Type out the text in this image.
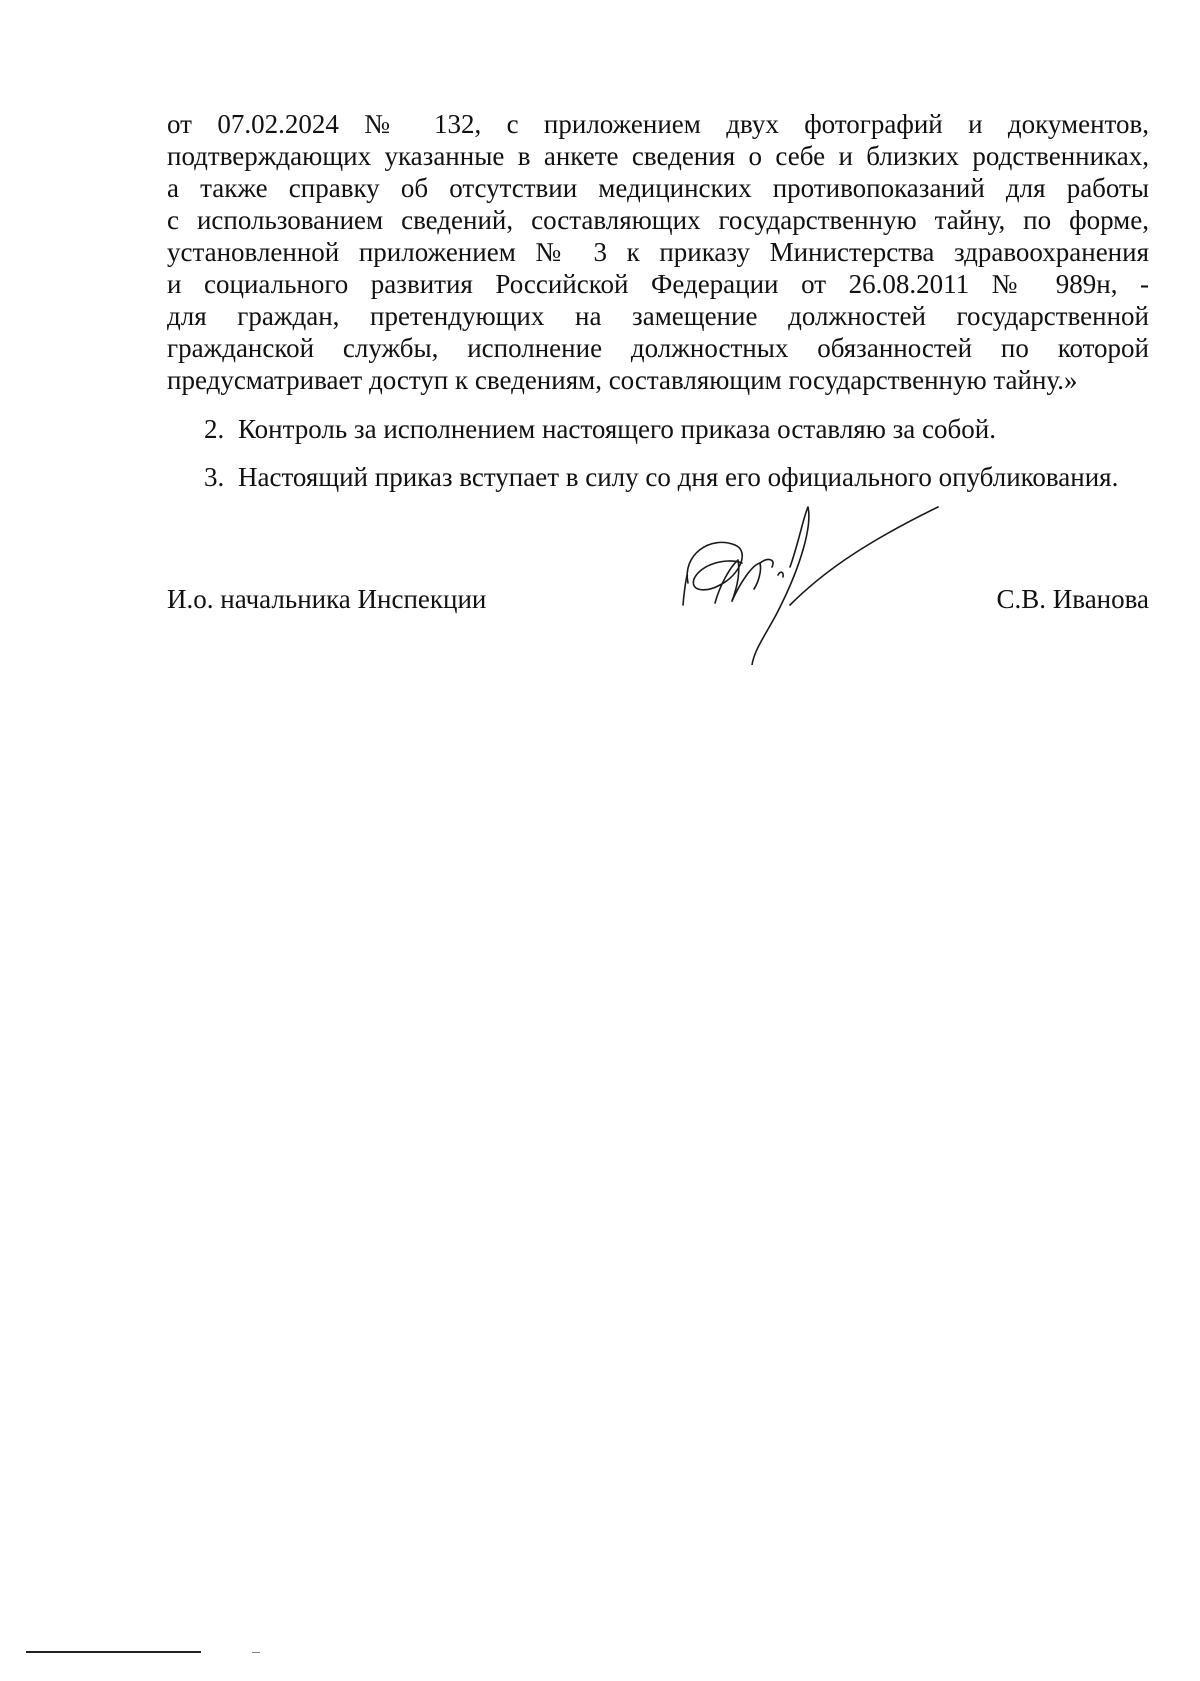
от 07.02.2024 № 132, с приложением двух фотографий и документов,
подтверждающих указанные в анкете сведения о себе и близких родственниках,
а также справку об отсутствии медицинских противопоказаний для работы
с использованием сведений, составляющих государственную тайну, по форме,
установленной приложением № 3 к приказу Министерства здравоохранения
и социального развития Российской Федерации от 26.08.2011 № 989н, -
для граждан, претендующих на замещение должностей государственной
гражданской службы, исполнение должностных обязанностей по которой
предусматривает доступ к сведениям, составляющим государственную тайну.»
2. Контроль за исполнением настоящего приказа оставляю за собой.
3. Настоящий приказ вступает в силу со дня его официального опубликования.
И.о. начальника Инспекции	С.В. Иванова
